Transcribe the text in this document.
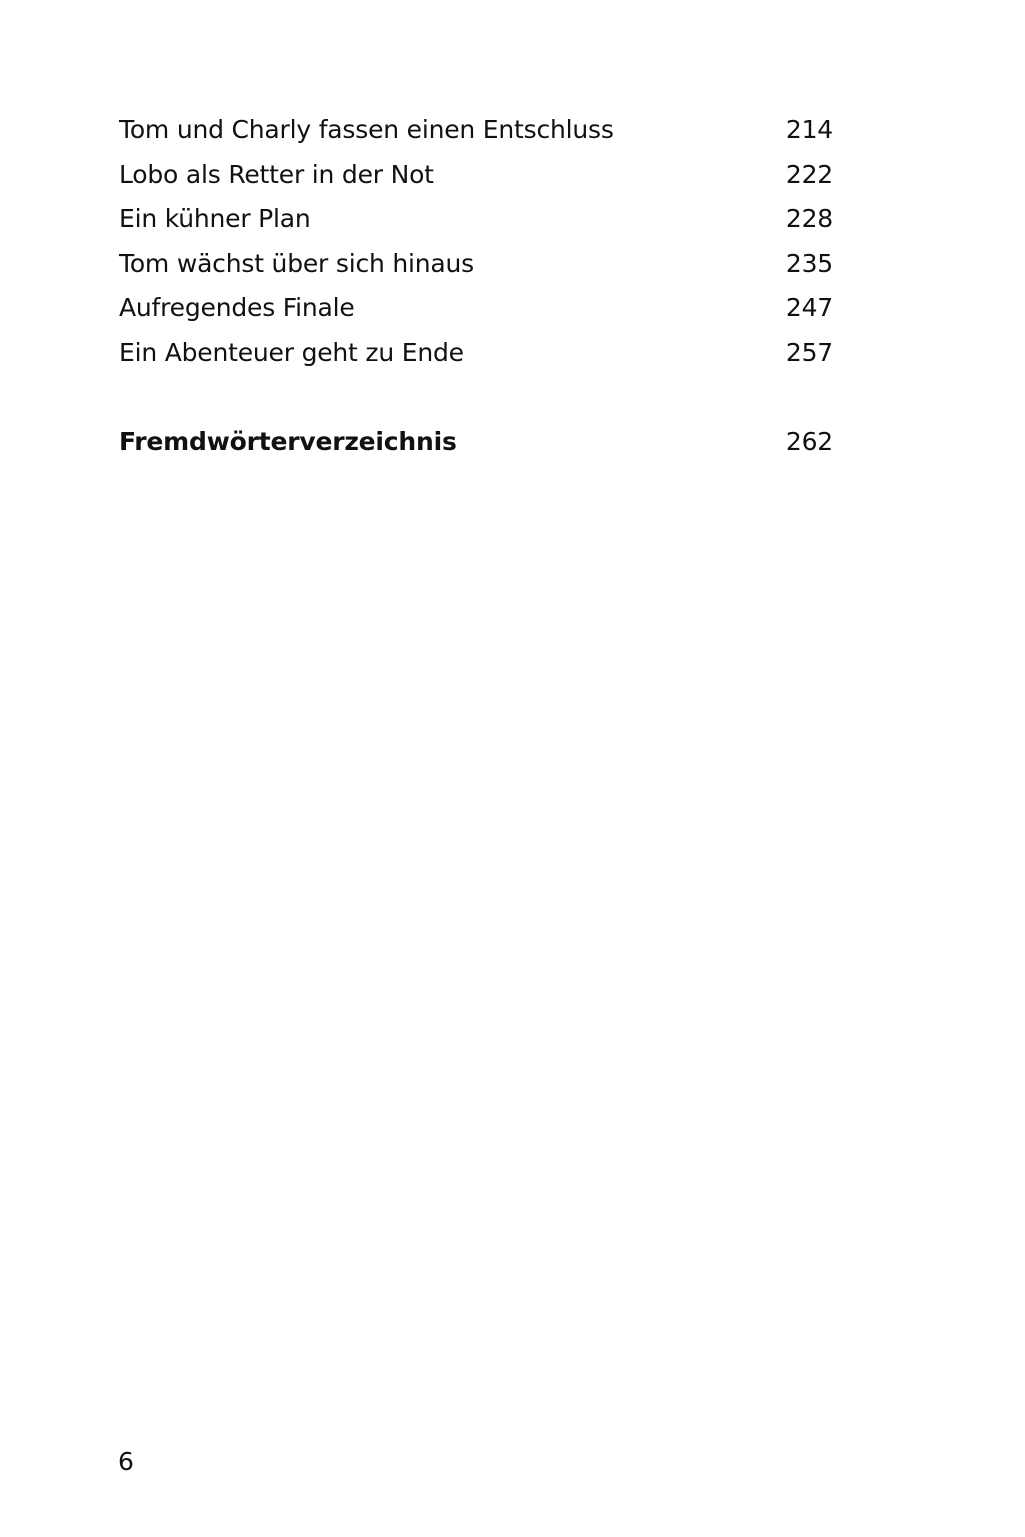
Tom und Charly fassen einen Entschluss	214
Lobo als Retter in der Not	222
Ein kühner Plan	228
Tom wächst über sich hinaus	235
Aufregendes Finale	247
Ein Abenteuer geht zu Ende	257
Fremdwörterverzeichnis	262
6
